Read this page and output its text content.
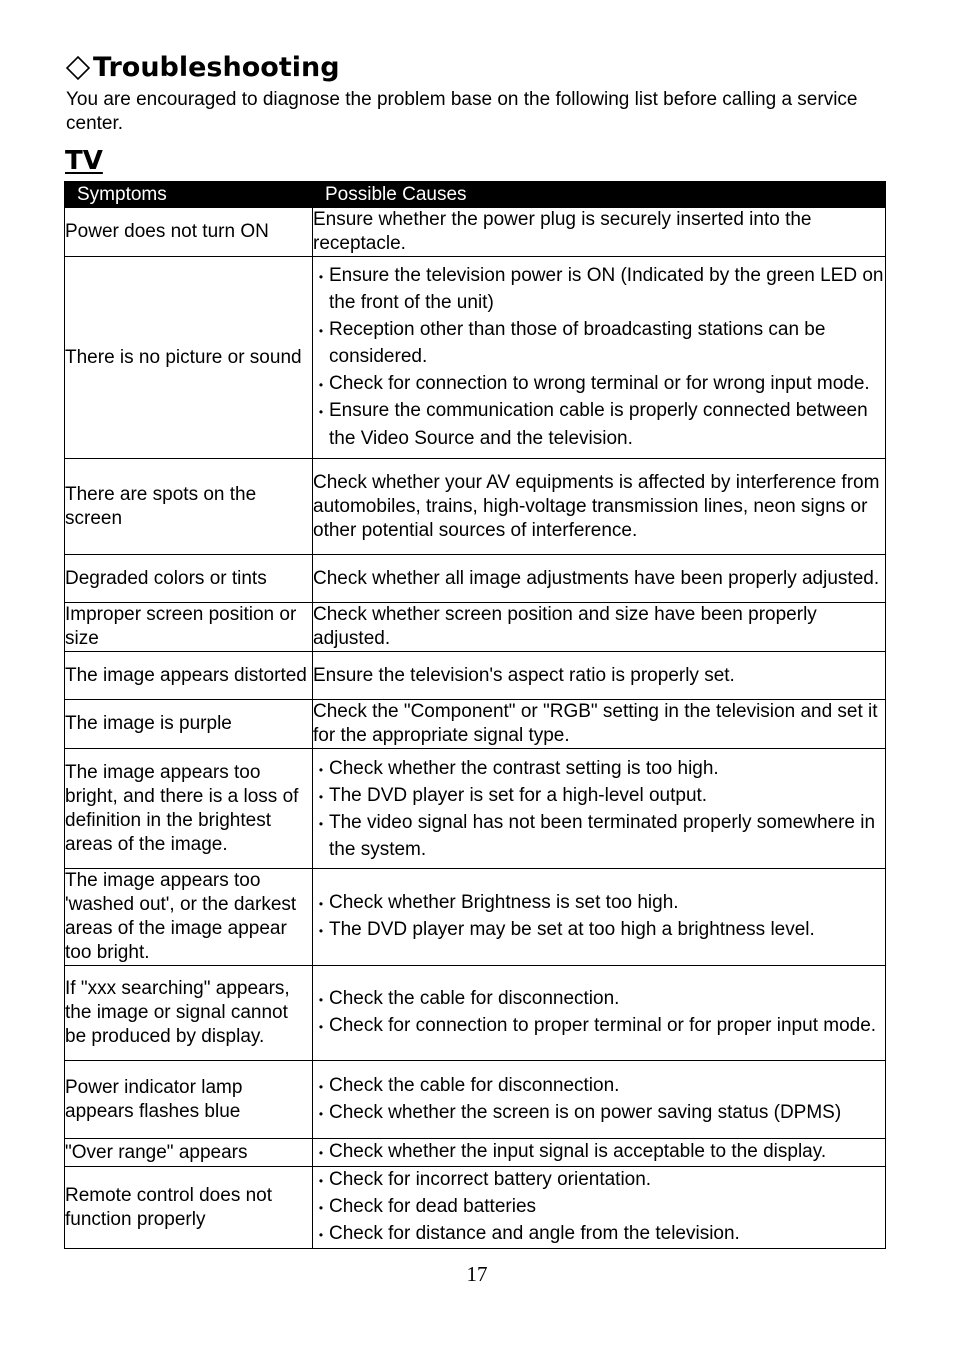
Troubleshooting

You are encouraged to diagnose the problem base on the following list before calling a service center.

TV
Symptoms	Possible Causes
Power does not turn ON	Ensure whether the power plug is securely inserted into the receptacle.

There is no picture or sound	• Ensure the television power is ON (Indicated by the green LED on the front of the unit)
• Reception other than those of broadcasting stations can be considered.
• Check for connection to wrong terminal or for wrong input mode.
• Ensure the communication cable is properly connected between the Video Source and the television.

There are spots on the screen	Check whether your AV equipments is affected by interference from automobiles, trains, high-voltage transmission lines, neon signs or other potential sources of interference.

Degraded colors or tints	Check whether all image adjustments have been properly adjusted.

Improper screen position or size	Check whether screen position and size have been properly adjusted.

The image appears distorted	Ensure the television's aspect ratio is properly set.

The image is purple	Check the "Component" or "RGB" setting in the television and set it for the appropriate signal type.

The image appears too bright, and there is a loss of definition in the brightest areas of the image.	• Check whether the contrast setting is too high.
• The DVD player is set for a high-level output.
• The video signal has not been terminated properly somewhere in the system.

The image appears too 'washed out', or the darkest areas of the image appear too bright.	• Check whether Brightness is set too high.
• The DVD player may be set at too high a brightness level.

If "xxx searching" appears, the image or signal cannot be produced by display.	• Check the cable for disconnection.
• Check for connection to proper terminal or for proper input mode.

Power indicator lamp appears flashes blue	• Check the cable for disconnection.
• Check whether the screen is on power saving status (DPMS)

"Over range" appears	• Check whether the input signal is acceptable to the display.

Remote control does not function properly	• Check for incorrect battery orientation.
• Check for dead batteries
• Check for distance and angle from the television.
17
